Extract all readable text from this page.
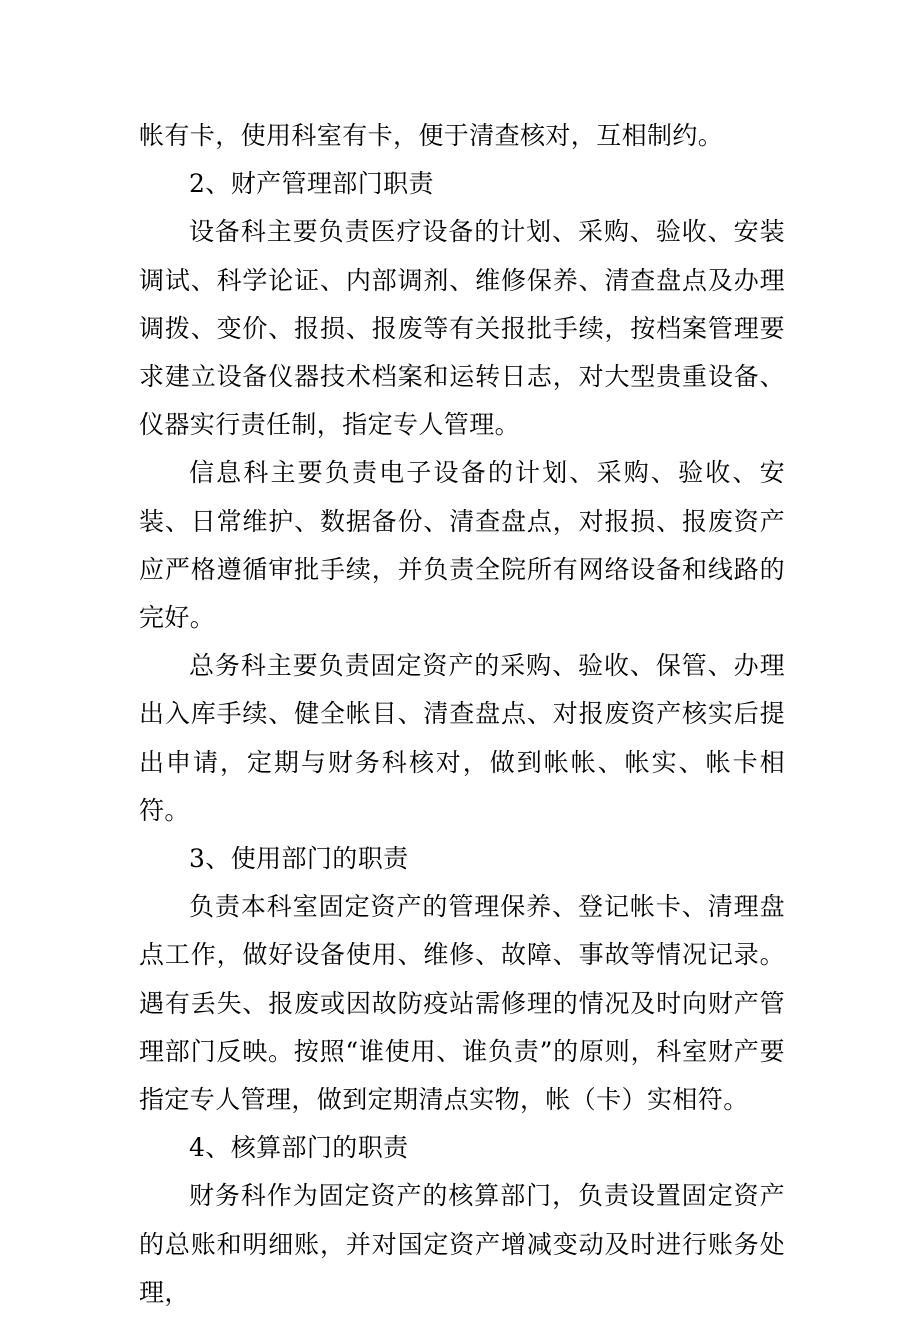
帐有卡，使用科室有卡，便于清查核对，互相制约。

2、财产管理部门职责

设备科主要负责医疗设备的计划、采购、验收、安装调试、科学论证、内部调剂、维修保养、清查盘点及办理调拨、变价、报损、报废等有关报批手续，按档案管理要求建立设备仪器技术档案和运转日志，对大型贵重设备、仪器实行责任制，指定专人管理。

信息科主要负责电子设备的计划、采购、验收、安装、日常维护、数据备份、清查盘点，对报损、报废资产应严格遵循审批手续，并负责全院所有网络设备和线路的完好。

总务科主要负责固定资产的采购、验收、保管、办理出入库手续、健全帐目、清查盘点、对报废资产核实后提出申请，定期与财务科核对，做到帐帐、帐实、帐卡相符。

3、使用部门的职责

负责本科室固定资产的管理保养、登记帐卡、清理盘点工作，做好设备使用、维修、故障、事故等情况记录。遇有丢失、报废或因故防疫站需修理的情况及时向财产管理部门反映。按照“谁使用、谁负责”的原则，科室财产要指定专人管理，做到定期清点实物，帐（卡）实相符。

4、核算部门的职责

财务科作为固定资产的核算部门，负责设置固定资产的总账和明细账，并对国定资产增减变动及时进行账务处理，
